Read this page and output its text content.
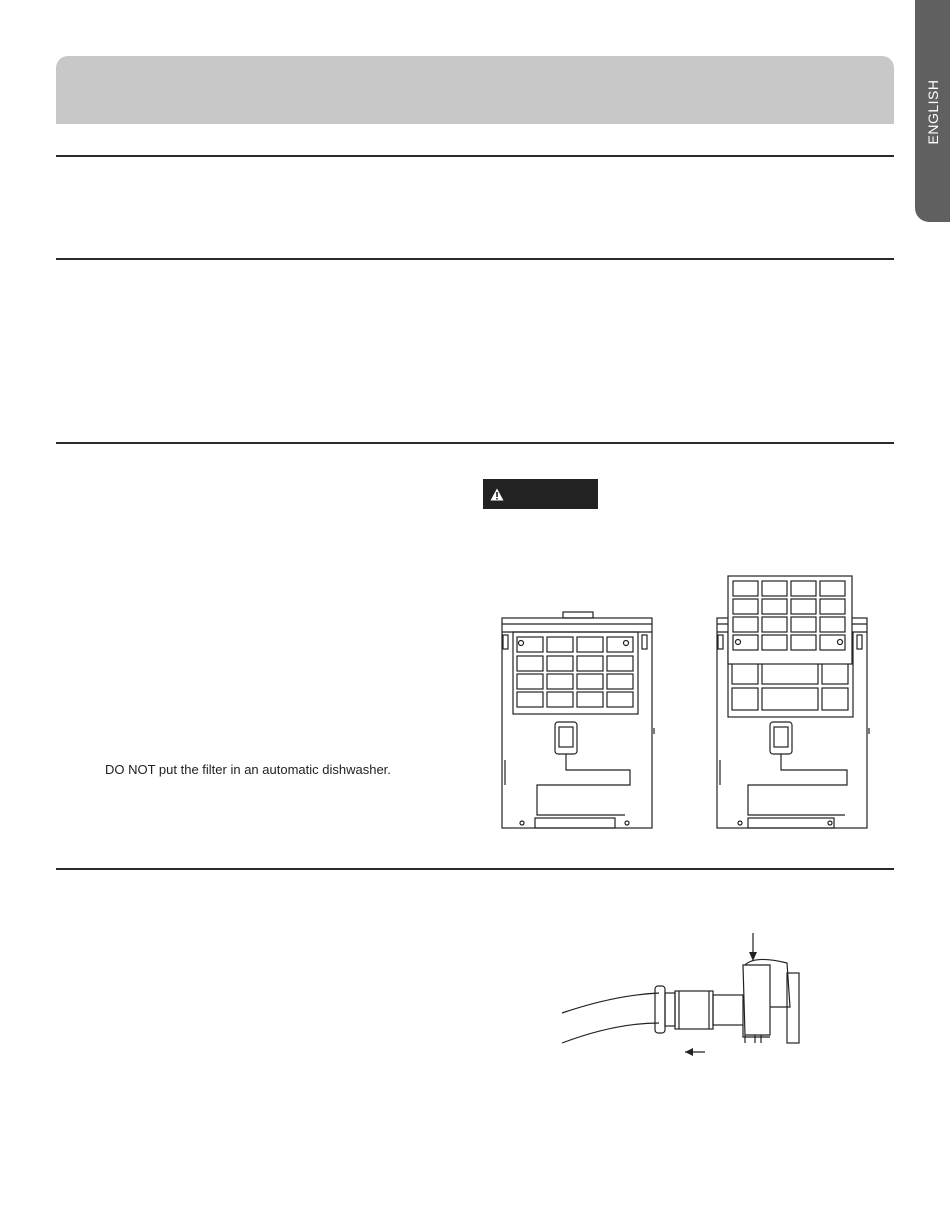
ENGLISH
DO NOT put the filter in an automatic dishwasher.
